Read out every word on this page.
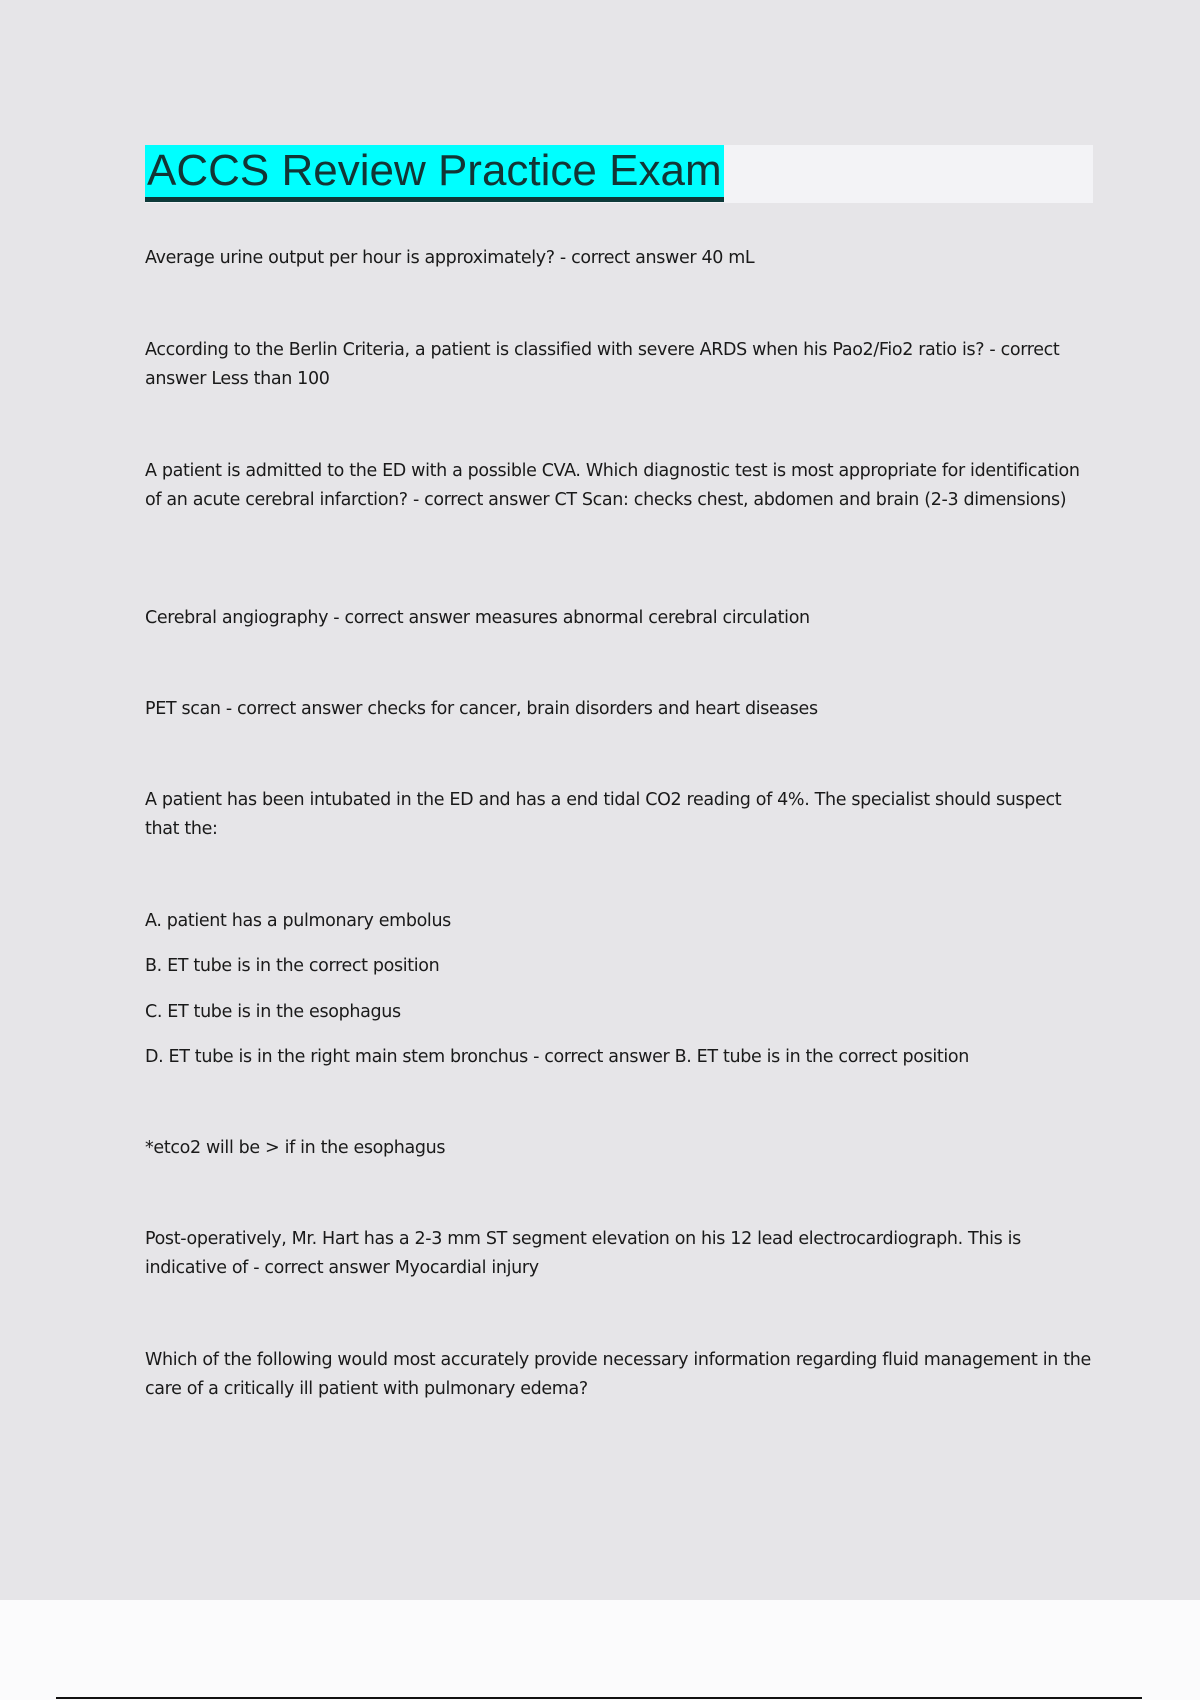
ACCS Review Practice Exam
Average urine output per hour is approximately? - correct answer 40 mL
According to the Berlin Criteria, a patient is classified with severe ARDS when his Pao2/Fio2 ratio is? - correct answer Less than 100
A patient is admitted to the ED with a possible CVA. Which diagnostic test is most appropriate for identification of an acute cerebral infarction? - correct answer CT Scan: checks chest, abdomen and brain (2-3 dimensions)
Cerebral angiography - correct answer measures abnormal cerebral circulation
PET scan - correct answer checks for cancer, brain disorders and heart diseases
A patient has been intubated in the ED and has a end tidal CO2 reading of 4%. The specialist should suspect that the:
A. patient has a pulmonary embolus
B. ET tube is in the correct position
C. ET tube is in the esophagus
D. ET tube is in the right main stem bronchus - correct answer B. ET tube is in the correct position
*etco2 will be > if in the esophagus
Post-operatively, Mr. Hart has a 2-3 mm ST segment elevation on his 12 lead electrocardiograph. This is indicative of - correct answer Myocardial injury
Which of the following would most accurately provide necessary information regarding fluid management in the care of a critically ill patient with pulmonary edema?
